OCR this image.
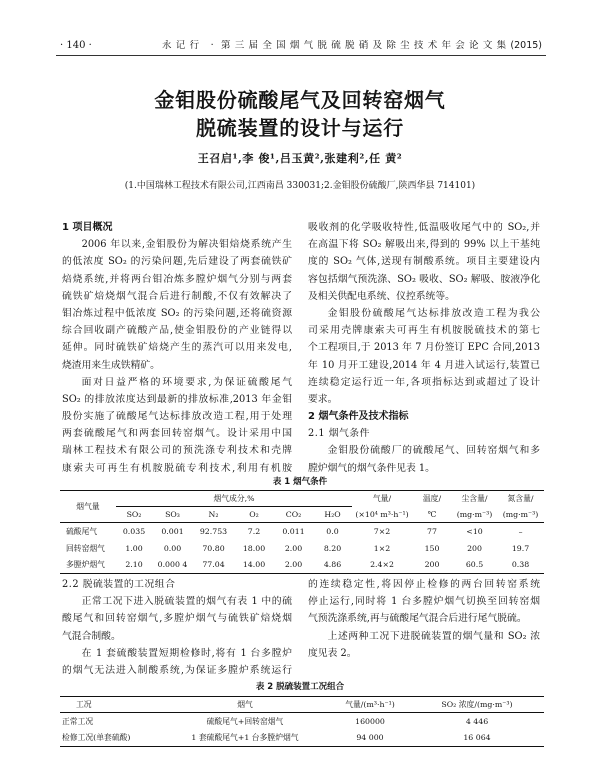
· 140 ·	永记行 · 第三届全国烟气脱硫脱硝及除尘技术年会论文集(2015)
金钼股份硫酸尾气及回转窑烟气
脱硫装置的设计与运行
王召启¹,李 俊¹,吕玉黄²,张建利²,任 黄²
(1.中国瑞林工程技术有限公司,江西南昌 330031;2.金钼股份硫酸厂,陕西华县 714101)
1 项目概况
2006 年以来,金钼股份为解决钼焙烧系统产生
的低浓度 SO₂ 的污染问题,先后建设了两套硫铁矿
焙烧系统,并将两台钼冶炼多膛炉烟气分别与两套
硫铁矿焙烧烟气混合后进行制酸,不仅有效解决了
钼冶炼过程中低浓度 SO₂ 的污染问题,还将硫资源
综合回收副产硫酸产品,使金钼股份的产业链得以
延伸。同时硫铁矿焙烧产生的蒸汽可以用来发电,
烧渣用来生成铁精矿。
面对日益严格的环境要求,为保证硫酸尾气
SO₂ 的排放浓度达到最新的排放标准,2013 年金钼
股份实施了硫酸尾气达标排放改造工程,用于处理
两套硫酸尾气和两套回转窑烟气。设计采用中国
瑞林工程技术有限公司的预洗涤专利技术和壳牌
康索夫可再生有机胺脱硫专利技术,利用有机胺
吸收剂的化学吸收特性,低温吸收尾气中的 SO₂,并
在高温下将 SO₂ 解吸出来,得到的 99% 以上干基纯
度的 SO₂ 气体,送现有制酸系统。项目主要建设内
容包括烟气预洗涤、SO₂ 吸收、SO₂ 解吸、胺液净化
及相关供配电系统、仪控系统等。
金钼股份硫酸尾气达标排放改造工程为我公
司采用壳牌康索夫可再生有机胺脱硫技术的第七
个工程项目,于 2013 年 7 月份签订 EPC 合同,2013
年 10 月开工建设,2014 年 4 月进入试运行,装置已
连续稳定运行近一年,各项指标达到或超过了设计
要求。
2 烟气条件及技术指标
2.1 烟气条件
金钼股份硫酸厂的硫酸尾气、回转窑烟气和多
膛炉烟气的烟气条件见表 1。
表 1 烟气条件
烟气量	烟气成分,%						气量/	温度/	尘含量/	氮含量/
	SO₂	SO₃	N₂	O₂	CO₂	H₂O	(×10⁴ m³·h⁻¹)	℃	(mg·m⁻³)	(mg·m⁻³)
硫酸尾气	0.035	0.001	92.753	7.2	0.011	0.0	7×2	77	<10	–
回转窑烟气	1.00	0.00	70.80	18.00	2.00	8.20	1×2	150	200	19.7
多膛炉烟气	2.10	0.000 4	77.04	14.00	2.00	4.86	2.4×2	200	60.5	0.38
2.2 脱硫装置的工况组合
正常工况下进入脱硫装置的烟气有表 1 中的硫
酸尾气和回转窑烟气,多膛炉烟气与硫铁矿焙烧烟
气混合制酸。
在 1 套硫酸装置短期检修时,将有 1 台多膛炉
的烟气无法进入制酸系统,为保证多膛炉系统运行
的连续稳定性,将因停止检修的两台回转窑系统
停止运行,同时将 1 台多膛炉烟气切换至回转窑烟
气预洗涤系统,再与硫酸尾气混合后进行尾气脱硫。
上述两种工况下进脱硫装置的烟气量和 SO₂ 浓
度见表 2。
表 2 脱硫装置工况组合
工况	烟气	气量/(m³·h⁻¹)	SO₂ 浓度/(mg·m⁻³)
正常工况	硫酸尾气+回转窑烟气	160000	4 446
检修工况(单套硫酸)	1 套硫酸尾气+1 台多膛炉烟气	94 000	16 064
